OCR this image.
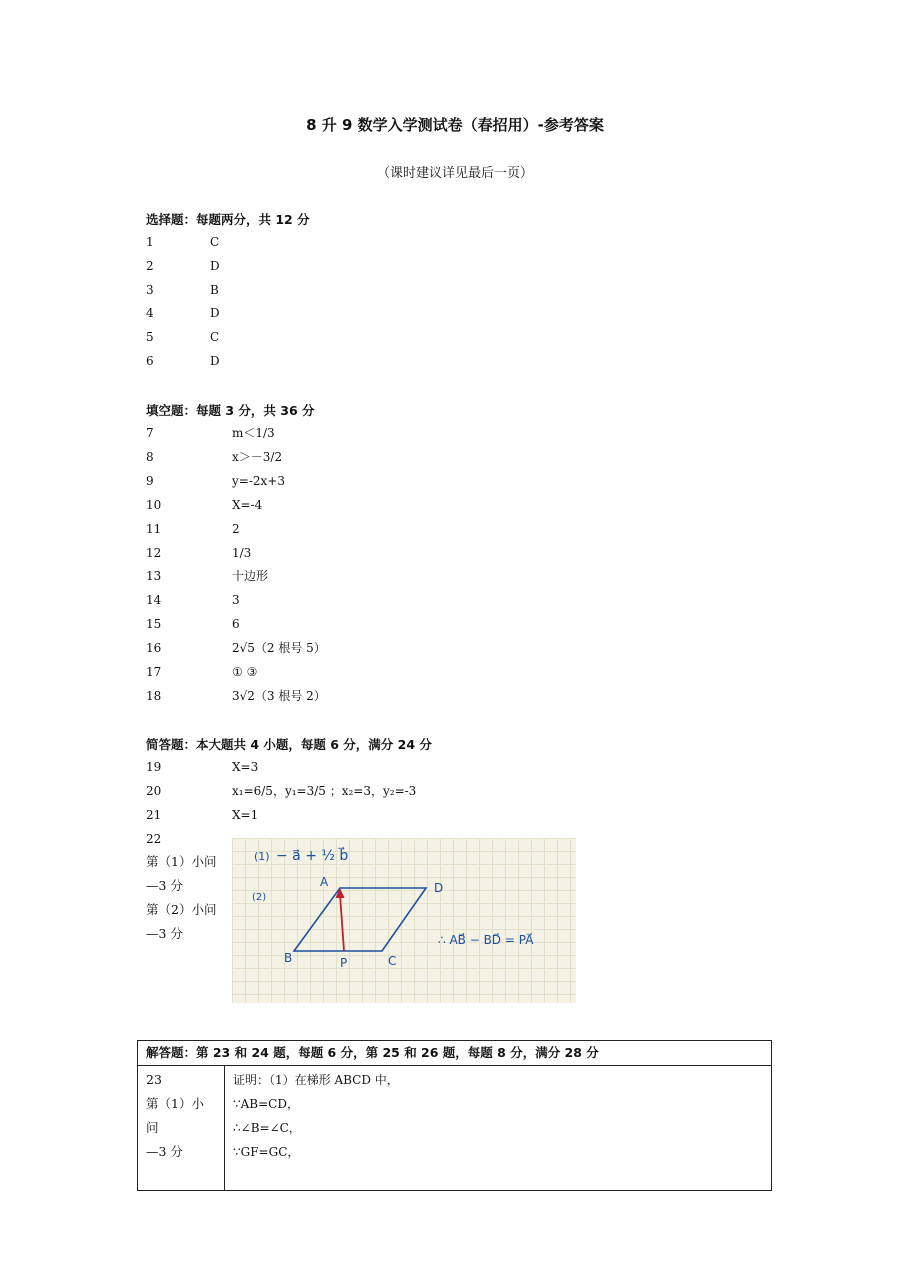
8 升 9 数学入学测试卷（春招用）-参考答案
（课时建议详见最后一页）
选择题：每题两分，共 12 分
1	C
2	D
3	B
4	D
5	C
6	D
填空题：每题 3 分，共 36 分
7	m＜1/3
8	x＞－3/2
9	y=-2x+3
10	X=-4
11	2
12	1/3
13	十边形
14	3
15	6
16	2√5（2 根号 5）
17	① ③
18	3√2（3 根号 2）
简答题：本大题共 4 小题，每题 6 分，满分 24 分
19	X=3
20	x₁=6/5，y₁=3/5 ；x₂=3，y₂=-3
21	X=1
22
第（1）小问
—3 分
第（2）小问
—3 分
(1) − a⃗ + ½ b⃗
(2)
A	D
B	P	C
∴ AB⃗ − BD⃗ = PA⃗
解答题：第 23 和 24 题，每题 6 分，第 25 和 26 题，每题 8 分，满分 28 分

23
第（1）小问
—3 分

证明：（1）在梯形 ABCD 中，
∵AB=CD，
∴∠B=∠C，
∵GF=GC，
